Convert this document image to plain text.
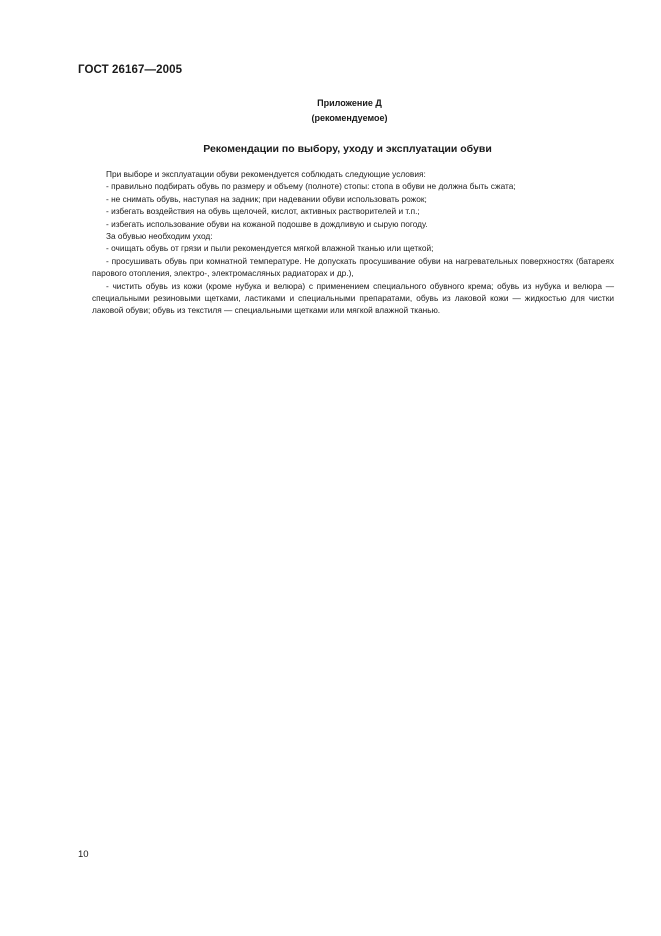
ГОСТ 26167—2005
Приложение Д
(рекомендуемое)
Рекомендации по выбору, уходу и эксплуатации обуви

При выборе и эксплуатации обуви рекомендуется соблюдать следующие условия:

- правильно подбирать обувь по размеру и объему (полноте) стопы: стопа в обуви не должна быть сжата;

- не снимать обувь, наступая на задник; при надевании обуви использовать рожок;

- избегать воздействия на обувь щелочей, кислот, активных растворителей и т.п.;

- избегать использование обуви на кожаной подошве в дождливую и сырую погоду.

За обувью необходим уход:

- очищать обувь от грязи и пыли рекомендуется мягкой влажной тканью или щеткой;

- просушивать обувь при комнатной температуре. Не допускать просушивание обуви на нагревательных поверхностях (батареях парового отопления, электро-, электромасляных радиаторах и др.),

- чистить обувь из кожи (кроме нубука и велюра) с применением специального обувного крема; обувь из нубука и велюра — специальными резиновыми щетками, ластиками и специальными препаратами, обувь из лаковой кожи — жидкостью для чистки лаковой обуви; обувь из текстиля — специальными щетками или мягкой влажной тканью.

10
